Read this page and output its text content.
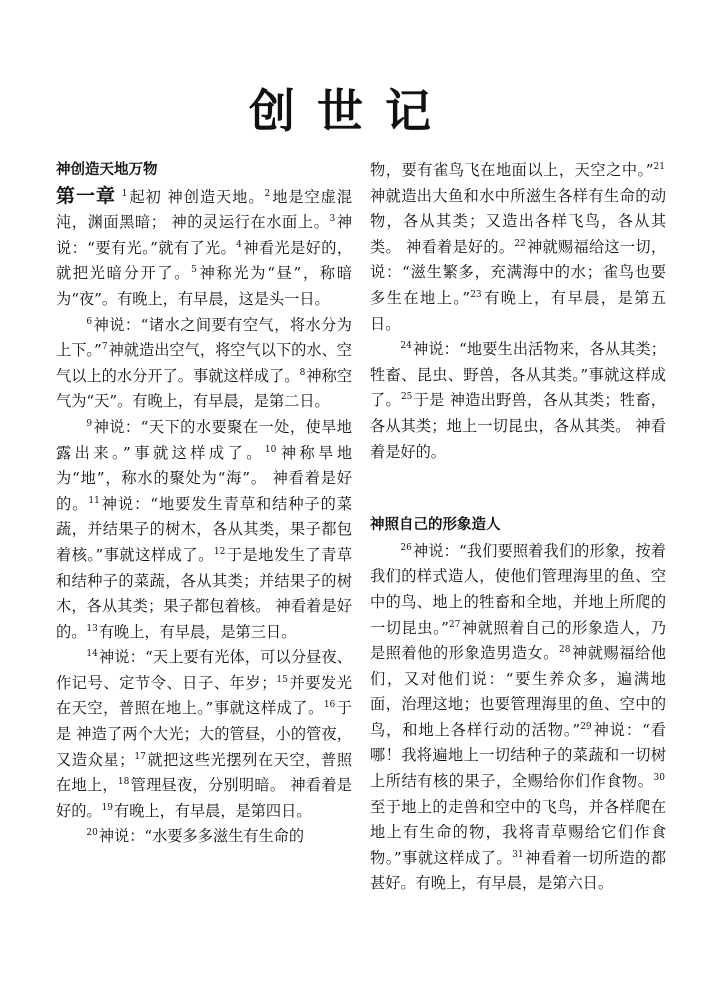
创世记

神创造天地万物

第一章 $^1$起初 神创造天地。$^2$地是空虚混沌，渊面黑暗； 神的灵运行在水面上。$^3$神说：“要有光。”就有了光。$^4$神看光是好的，就把光暗分开了。$^5$神称光为“昼”，称暗为“夜”。有晚上，有早晨，这是头一日。

$^6$神说：“诸水之间要有空气，将水分为上下。”$^7$神就造出空气，将空气以下的水、空气以上的水分开了。事就这样成了。$^8$神称空气为“天”。有晚上，有早晨，是第二日。

$^9$神说：“天下的水要聚在一处，使旱地露出来。”事就这样成了。$^{10}$神称旱地为“地”，称水的聚处为“海”。 神看着是好的。$^{11}$神说：“地要发生青草和结种子的菜蔬，并结果子的树木，各从其类，果子都包着核。”事就这样成了。$^{12}$于是地发生了青草和结种子的菜蔬，各从其类；并结果子的树木，各从其类；果子都包着核。 神看着是好的。$^{13}$有晚上，有早晨，是第三日。

$^{14}$神说：“天上要有光体，可以分昼夜、作记号、定节令、日子、年岁；$^{15}$并要发光在天空，普照在地上。”事就这样成了。$^{16}$于是 神造了两个大光；大的管昼，小的管夜，又造众星；$^{17}$就把这些光摆列在天空，普照在地上，$^{18}$管理昼夜，分别明暗。 神看着是好的。$^{19}$有晚上，有早晨，是第四日。

$^{20}$神说：“水要多多滋生有生命的

物，要有雀鸟飞在地面以上，天空之中。”$^{21}$神就造出大鱼和水中所滋生各样有生命的动物，各从其类；又造出各样飞鸟，各从其类。 神看着是好的。$^{22}$神就赐福给这一切，说：“滋生繁多，充满海中的水；雀鸟也要多生在地上。”$^{23}$有晚上，有早晨，是第五日。

$^{24}$神说：“地要生出活物来，各从其类；牲畜、昆虫、野兽，各从其类。”事就这样成了。$^{25}$于是 神造出野兽，各从其类；牲畜，各从其类；地上一切昆虫，各从其类。 神看着是好的。

神照自己的形象造人

$^{26}$神说：“我们要照着我们的形象，按着我们的样式造人，使他们管理海里的鱼、空中的鸟、地上的牲畜和全地，并地上所爬的一切昆虫。”$^{27}$神就照着自己的形象造人，乃是照着他的形象造男造女。$^{28}$神就赐福给他们，又对他们说：“要生养众多，遍满地面，治理这地；也要管理海里的鱼、空中的鸟，和地上各样行动的活物。”$^{29}$神说：“看哪！我将遍地上一切结种子的菜蔬和一切树上所结有核的果子，全赐给你们作食物。$^{30}$至于地上的走兽和空中的飞鸟，并各样爬在地上有生命的物，我将青草赐给它们作食物。”事就这样成了。$^{31}$神看着一切所造的都甚好。有晚上，有早晨，是第六日。
